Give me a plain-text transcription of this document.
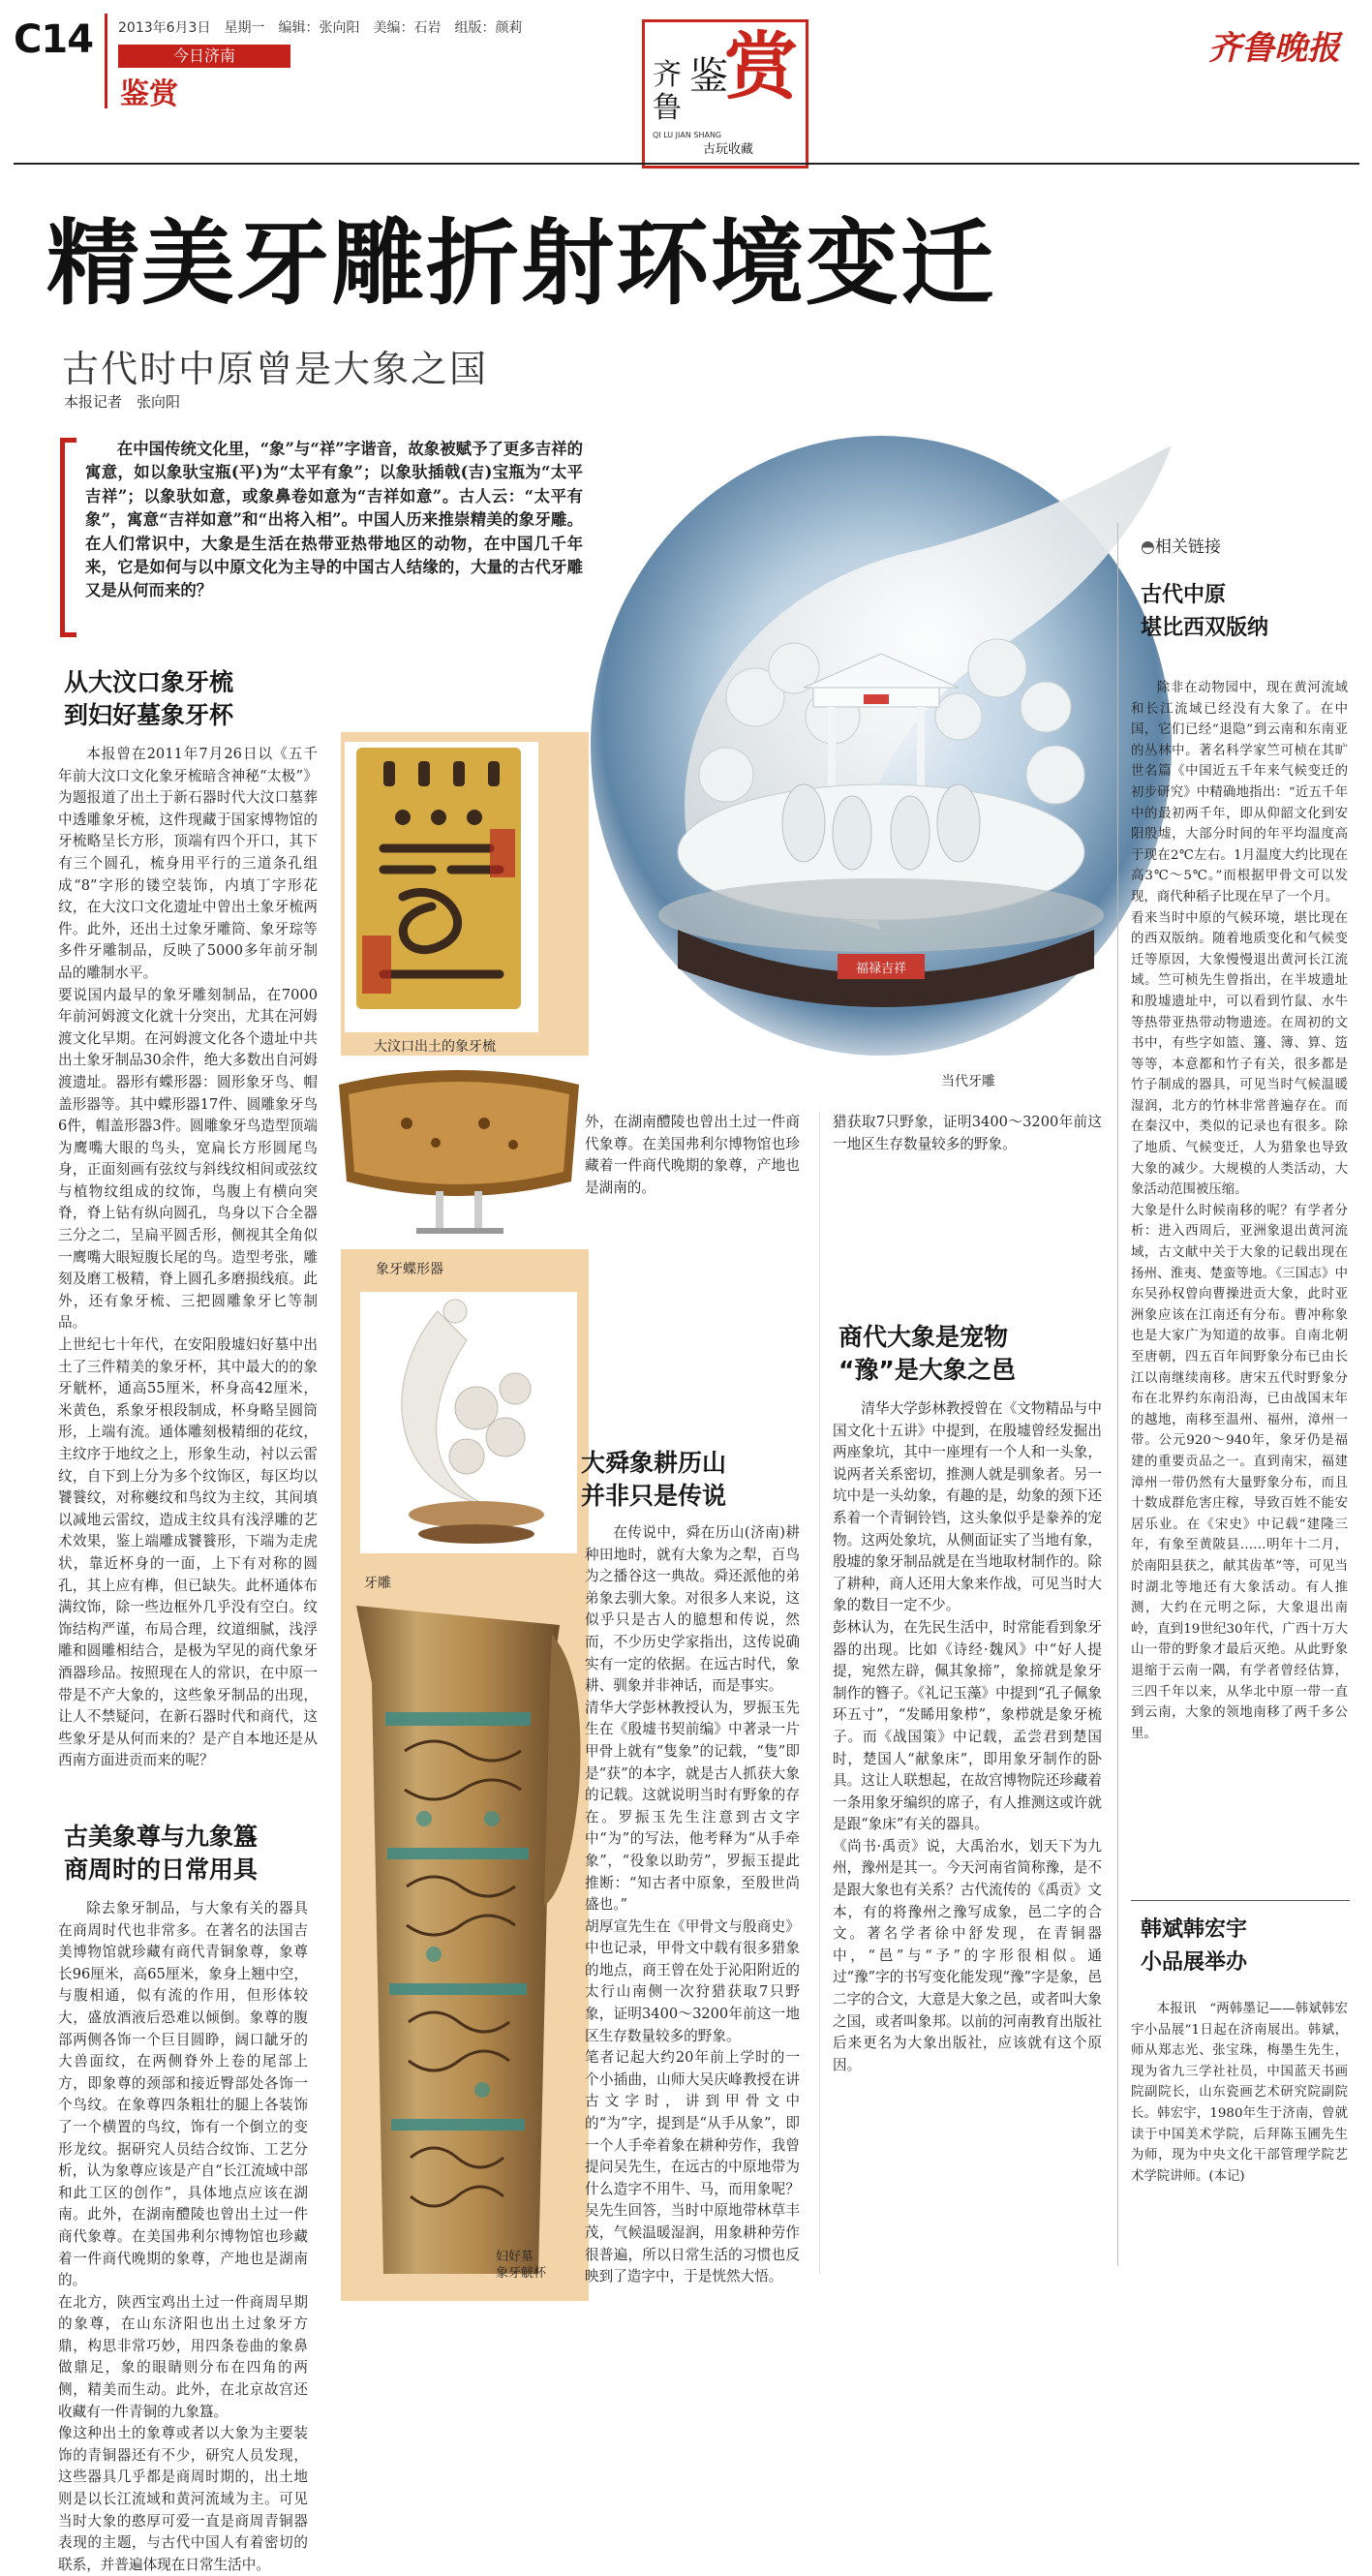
C14 2013年6月3日　星期一　编辑：张向阳　美编：石岩　组版：颜莉
今日济南
鉴赏
齐鲁
鉴
赏
QI LU JIAN SHANG
古玩收藏
齐鲁晚报
精美牙雕折射环境变迁
古代时中原曾是大象之国
本报记者　张向阳
在中国传统文化里，“象”与“祥”字谐音，故象被赋予了更多吉祥的寓意，如以象驮宝瓶(平)为“太平有象”；以象驮插戟(吉)宝瓶为“太平吉祥”；以象驮如意，或象鼻卷如意为“吉祥如意”。古人云：“太平有象”，寓意“吉祥如意”和“出将入相”。中国人历来推崇精美的象牙雕。在人们常识中，大象是生活在热带亚热带地区的动物，在中国几千年来，它是如何与以中原文化为主导的中国古人结缘的，大量的古代牙雕又是从何而来的？
福禄吉祥
当代牙雕
◓相关链接
古代中原
堪比西双版纳
除非在动物园中，现在黄河流域和长江流域已经没有大象了。在中国，它们已经“退隐”到云南和东南亚的丛林中。著名科学家竺可桢在其旷世名篇《中国近五千年来气候变迁的初步研究》中精确地指出：“近五千年中的最初两千年，即从仰韶文化到安阳殷墟，大部分时间的年平均温度高于现在2℃左右。1月温度大约比现在高3℃～5℃。”而根据甲骨文可以发现，商代种稻子比现在早了一个月。
看来当时中原的气候环境，堪比现在的西双版纳。随着地质变化和气候变迁等原因，大象慢慢退出黄河长江流域。竺可桢先生曾指出，在半坡遗址和殷墟遗址中，可以看到竹鼠、水牛等热带亚热带动物遗迹。在周初的文书中，有些字如篮、籩、簿、算、笾等等，本意都和竹子有关，很多都是竹子制成的器具，可见当时气候温暖湿润，北方的竹林非常普遍存在。而在秦汉中，类似的记录也有很多。除了地质、气候变迁，人为猎象也导致大象的减少。大规模的人类活动，大象活动范围被压缩。
大象是什么时候南移的呢？有学者分析：进入西周后，亚洲象退出黄河流域，古文献中关于大象的记载出现在扬州、淮夷、楚蛮等地。《三国志》中东吴孙权曾向曹操进贡大象，此时亚洲象应该在江南还有分布。曹冲称象也是大家广为知道的故事。自南北朝至唐朝，四五百年间野象分布已由长江以南继续南移。唐宋五代时野象分布在北界约东南沿海，已由战国末年的越地，南移至温州、福州，漳州一带。公元920～940年，象牙仍是福建的重要贡品之一。直到南宋，福建漳州一带仍然有大量野象分布，而且十数成群危害庄稼，导致百姓不能安居乐业。在《宋史》中记载“建隆三年，有象至黄陂县……明年十二月，於南阳县获之，献其齿革”等，可见当时湖北等地还有大象活动。有人推测，大约在元明之际，大象退出南岭，直到19世纪30年代，广西十万大山一带的野象才最后灭绝。从此野象退缩于云南一隅，有学者曾经估算，三四千年以来，从华北中原一带一直到云南，大象的领地南移了两千多公里。
韩斌韩宏宇
小品展举办
本报讯　“两韩墨记——韩斌韩宏宇小品展”1日起在济南展出。韩斌，师从郑志光、张宝珠，梅墨生先生，现为省九三学社社员，中国蓝天书画院副院长，山东瓷画艺术研究院副院长。韩宏宇，1980年生于济南，曾就读于中国美术学院，后拜陈玉圃先生为师，现为中央文化干部管理学院艺术学院讲师。(本记)
从大汶口象牙梳
到妇好墓象牙杯
本报曾在2011年7月26日以《五千年前大汶口文化象牙梳暗含神秘“太极”》为题报道了出土于新石器时代大汶口墓葬中透雕象牙梳，这件现藏于国家博物馆的牙梳略呈长方形，顶端有四个开口，其下有三个圆孔，梳身用平行的三道条孔组成“8”字形的镂空装饰，内填丁字形花纹，在大汶口文化遗址中曾出土象牙梳两件。此外，还出土过象牙雕筒、象牙琮等多件牙雕制品，反映了5000多年前牙制品的雕制水平。
要说国内最早的象牙雕刻制品，在7000年前河姆渡文化就十分突出，尤其在河姆渡文化早期。在河姆渡文化各个遗址中共出土象牙制品30余件，绝大多数出自河姆渡遗址。器形有蝶形器：圆形象牙鸟、帽盖形器等。其中蝶形器17件、圆雕象牙鸟6件，帽盖形器3件。圆雕象牙鸟造型顶端为鹰嘴大眼的鸟头，宽扁长方形圆尾鸟身，正面刻画有弦纹与斜线纹相间或弦纹与植物纹组成的纹饰，鸟腹上有横向突脊，脊上钻有纵向圆孔，鸟身以下合全器三分之二，呈扁平圆舌形，侧视其全角似一鹰嘴大眼短腹长尾的鸟。造型考张，雕刻及磨工极精，脊上圆孔多磨损线痕。此外，还有象牙梳、三把圆雕象牙匕等制品。
上世纪七十年代，在安阳殷墟妇好墓中出土了三件精美的象牙杯，其中最大的的象牙觥杯，通高55厘米，杯身高42厘米，米黄色，系象牙根段制成，杯身略呈圆筒形，上端有流。通体雕刻极精细的花纹，主纹序于地纹之上，形象生动，衬以云雷纹，自下到上分为多个纹饰区，每区均以饕餮纹，对称夔纹和鸟纹为主纹，其间填以减地云雷纹，造成主纹具有浅浮雕的艺术效果，鉴上端雕成饕餮形，下端为走虎状，靠近杯身的一面，上下有对称的圆孔，其上应有榫，但已缺失。此杯通体布满纹饰，除一些边框外几乎没有空白。纹饰结构严谨，布局合理，纹道细腻，浅浮雕和圆雕相结合，是极为罕见的商代象牙酒器珍品。按照现在人的常识，在中原一带是不产大象的，这些象牙制品的出现，让人不禁疑问，在新石器时代和商代，这些象牙是从何而来的？是产自本地还是从西南方面进贡而来的呢？
古美象尊与九象簋
商周时的日常用具
除去象牙制品，与大象有关的器具在商周时代也非常多。在著名的法国吉美博物馆就珍藏有商代青铜象尊，象尊长96厘米，高65厘米，象身上翘中空，与腹相通，似有流的作用，但形体较大，盛放酒液后恐难以倾倒。象尊的腹部两侧各饰一个巨目圆睁，阔口龇牙的大兽面纹，在两侧脊外上卷的尾部上方，即象尊的颈部和接近臀部处各饰一个鸟纹。在象尊四条粗壮的腿上各装饰了一个横置的鸟纹，饰有一个倒立的变形龙纹。据研究人员结合纹饰、工艺分析，认为象尊应该是产自“长江流域中部和此工区的创作”，具体地点应该在湖南。此外，在湖南醴陵也曾出土过一件商代象尊。在美国弗利尔博物馆也珍藏着一件商代晚期的象尊，产地也是湖南的。
在北方，陕西宝鸡出土过一件商周早期的象尊，在山东济阳也出土过象牙方鼎，构思非常巧妙，用四条卷曲的象鼻做鼎足，象的眼睛则分布在四角的两侧，精美而生动。此外，在北京故宫还收藏有一件青铜的九象簋。
像这种出土的象尊或者以大象为主要装饰的青铜器还有不少，研究人员发现，这些器具几乎都是商周时期的，出土地则是以长江流域和黄河流域为主。可见当时大象的憨厚可爱一直是商周青铜器表现的主题，与古代中国人有着密切的联系，并普遍体现在日常生活中。
大汶口出土的象牙梳
象牙蝶形器
牙雕
妇好墓
象牙觥杯
外，在湖南醴陵也曾出土过一件商代象尊。在美国弗利尔博物馆也珍藏着一件商代晚期的象尊，产地也是湖南的。
大舜象耕历山
并非只是传说
在传说中，舜在历山(济南)耕种田地时，就有大象为之犁，百鸟为之播谷这一典故。舜还派他的弟弟象去驯大象。对很多人来说，这似乎只是古人的臆想和传说，然而，不少历史学家指出，这传说确实有一定的依据。在远古时代，象耕、驯象并非神话，而是事实。
清华大学彭林教授认为，罗振玉先生在《殷墟书契前编》中著录一片甲骨上就有“隻象”的记载，“隻”即是“获”的本字，就是古人抓获大象的记载。这就说明当时有野象的存在。罗振玉先生注意到古文字中“为”的写法，他考释为“从手牵象”，“役象以助劳”，罗振玉提此推断：“知古者中原象，至殷世尚盛也。”
胡厚宣先生在《甲骨文与殷商史》中也记录，甲骨文中载有很多猎象的地点，商王曾在处于沁阳附近的太行山南侧一次狩猎获取7只野象，证明3400～3200年前这一地区生存数量较多的野象。
笔者记起大约20年前上学时的一个小插曲，山师大吴庆峰教授在讲古文字时，讲到甲骨文中的“为”字，提到是“从手从象”，即一个人手牵着象在耕种劳作，我曾提问吴先生，在远古的中原地带为什么造字不用牛、马，而用象呢？吴先生回答，当时中原地带林草丰茂，气候温暖湿润，用象耕种劳作很普遍，所以日常生活的习惯也反映到了造字中，于是恍然大悟。
猎获取7只野象，证明3400～3200年前这一地区生存数量较多的野象。
商代大象是宠物
“豫”是大象之邑
清华大学彭林教授曾在《文物精品与中国文化十五讲》中提到，在殷墟曾经发掘出两座象坑，其中一座埋有一个人和一头象，说两者关系密切，推测人就是驯象者。另一坑中是一头幼象，有趣的是，幼象的颈下还系着一个青铜铃铛，这头象似乎是豢养的宠物。这两处象坑，从侧面证实了当地有象，殷墟的象牙制品就是在当地取材制作的。除了耕种，商人还用大象来作战，可见当时大象的数目一定不少。
彭林认为，在先民生活中，时常能看到象牙器的出现。比如《诗经·魏风》中“好人提提，宛然左辟，佩其象揥”，象揥就是象牙制作的簪子。《礼记玉藻》中提到“孔子佩象环五寸”，“发睎用象栉”，象栉就是象牙梳子。而《战国策》中记载，孟尝君到楚国时，楚国人“献象床”，即用象牙制作的卧具。这让人联想起，在故宫博物院还珍藏着一条用象牙编织的席子，有人推测这或许就是跟“象床”有关的器具。
《尚书·禹贡》说，大禹治水，划天下为九州，豫州是其一。今天河南省简称豫，是不是跟大象也有关系？古代流传的《禹贡》文本，有的将豫州之豫写成象，邑二字的合文。著名学者徐中舒发现，在青铜器中，“邑”与“予”的字形很相似。通过“豫”字的书写变化能发现“豫”字是象，邑二字的合文，大意是大象之邑，或者叫大象之国，或者叫象邦。以前的河南教育出版社后来更名为大象出版社，应该就有这个原因。
